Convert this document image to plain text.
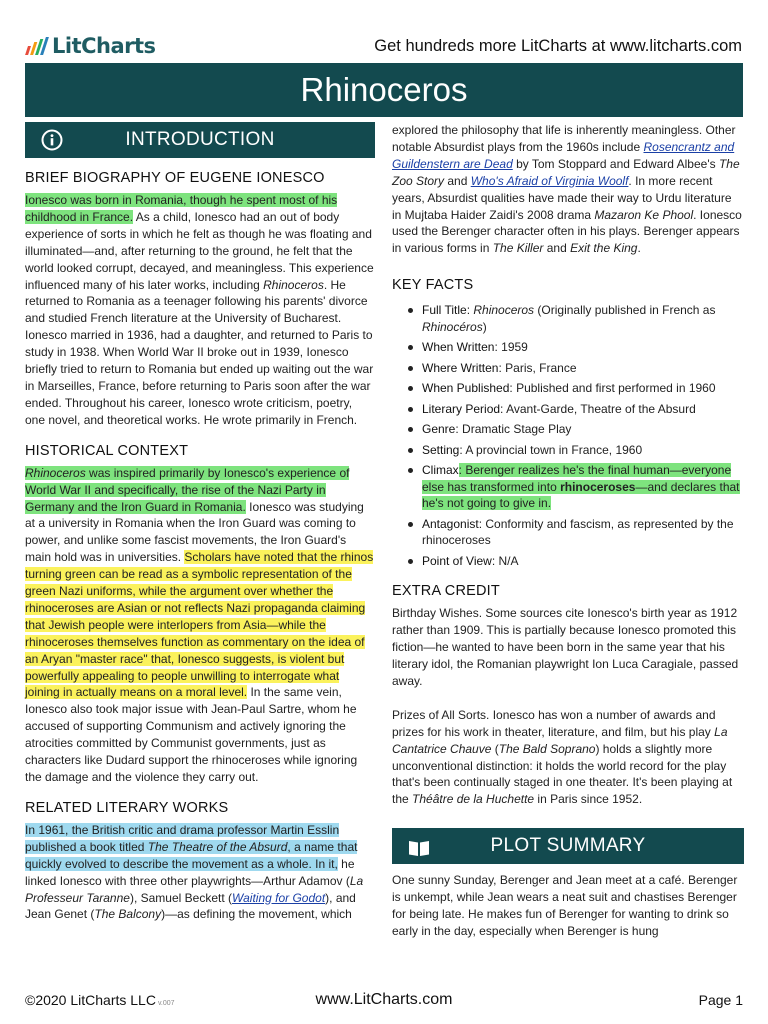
LitCharts	Get hundreds more LitCharts at www.litcharts.com
Rhinoceros
INTRODUCTION
BRIEF BIOGRAPHY OF EUGENE IONESCO

Ionesco was born in Romania, though he spent most of his childhood in France. As a child, Ionesco had an out of body experience of sorts in which he felt as though he was floating and illuminated—and, after returning to the ground, he felt that the world looked corrupt, decayed, and meaningless. This experience influenced many of his later works, including Rhinoceros. He returned to Romania as a teenager following his parents' divorce and studied French literature at the University of Bucharest. Ionesco married in 1936, had a daughter, and returned to Paris to study in 1938. When World War II broke out in 1939, Ionesco briefly tried to return to Romania but ended up waiting out the war in Marseilles, France, before returning to Paris soon after the war ended. Throughout his career, Ionesco wrote criticism, poetry, one novel, and theoretical works. He wrote primarily in French.

HISTORICAL CONTEXT

Rhinoceros was inspired primarily by Ionesco's experience of World War II and specifically, the rise of the Nazi Party in Germany and the Iron Guard in Romania. Ionesco was studying at a university in Romania when the Iron Guard was coming to power, and unlike some fascist movements, the Iron Guard's main hold was in universities. Scholars have noted that the rhinos turning green can be read as a symbolic representation of the green Nazi uniforms, while the argument over whether the rhinoceroses are Asian or not reflects Nazi propaganda claiming that Jewish people were interlopers from Asia—while the rhinoceroses themselves function as commentary on the idea of an Aryan "master race" that, Ionesco suggests, is violent but powerfully appealing to people unwilling to interrogate what joining in actually means on a moral level. In the same vein, Ionesco also took major issue with Jean-Paul Sartre, whom he accused of supporting Communism and actively ignoring the atrocities committed by Communist governments, just as characters like Dudard support the rhinoceroses while ignoring the damage and the violence they carry out.

RELATED LITERARY WORKS

In 1961, the British critic and drama professor Martin Esslin published a book titled The Theatre of the Absurd, a name that quickly evolved to describe the movement as a whole. In it, he linked Ionesco with three other playwrights—Arthur Adamov (La Professeur Taranne), Samuel Beckett (Waiting for Godot), and Jean Genet (The Balcony)—as defining the movement, which

explored the philosophy that life is inherently meaningless. Other notable Absurdist plays from the 1960s include Rosencrantz and Guildenstern are Dead by Tom Stoppard and Edward Albee's The Zoo Story and Who's Afraid of Virginia Woolf. In more recent years, Absurdist qualities have made their way to Urdu literature in Mujtaba Haider Zaidi's 2008 drama Mazaron Ke Phool. Ionesco used the Berenger character often in his plays. Berenger appears in various forms in The Killer and Exit the King.

KEY FACTS
Full Title: Rhinoceros (Originally published in French as Rhinocéros)
When Written: 1959
Where Written: Paris, France
When Published: Published and first performed in 1960
Literary Period: Avant-Garde, Theatre of the Absurd
Genre: Dramatic Stage Play
Setting: A provincial town in France, 1960
Climax: Berenger realizes he's the final human—everyone else has transformed into rhinoceroses—and declares that he's not going to give in.
Antagonist: Conformity and fascism, as represented by the rhinoceroses
Point of View: N/A
EXTRA CREDIT

Birthday Wishes. Some sources cite Ionesco's birth year as 1912 rather than 1909. This is partially because Ionesco promoted this fiction—he wanted to have been born in the same year that his literary idol, the Romanian playwright Ion Luca Caragiale, passed away.

Prizes of All Sorts. Ionesco has won a number of awards and prizes for his work in theater, literature, and film, but his play La Cantatrice Chauve (The Bald Soprano) holds a slightly more unconventional distinction: it holds the world record for the play that's been continually staged in one theater. It's been playing at the Théâtre de la Huchette in Paris since 1952.

PLOT SUMMARY

One sunny Sunday, Berenger and Jean meet at a café. Berenger is unkempt, while Jean wears a neat suit and chastises Berenger for being late. He makes fun of Berenger for wanting to drink so early in the day, especially when Berenger is hung

©2020 LitCharts LLC v.007	www.LitCharts.com	Page 1
